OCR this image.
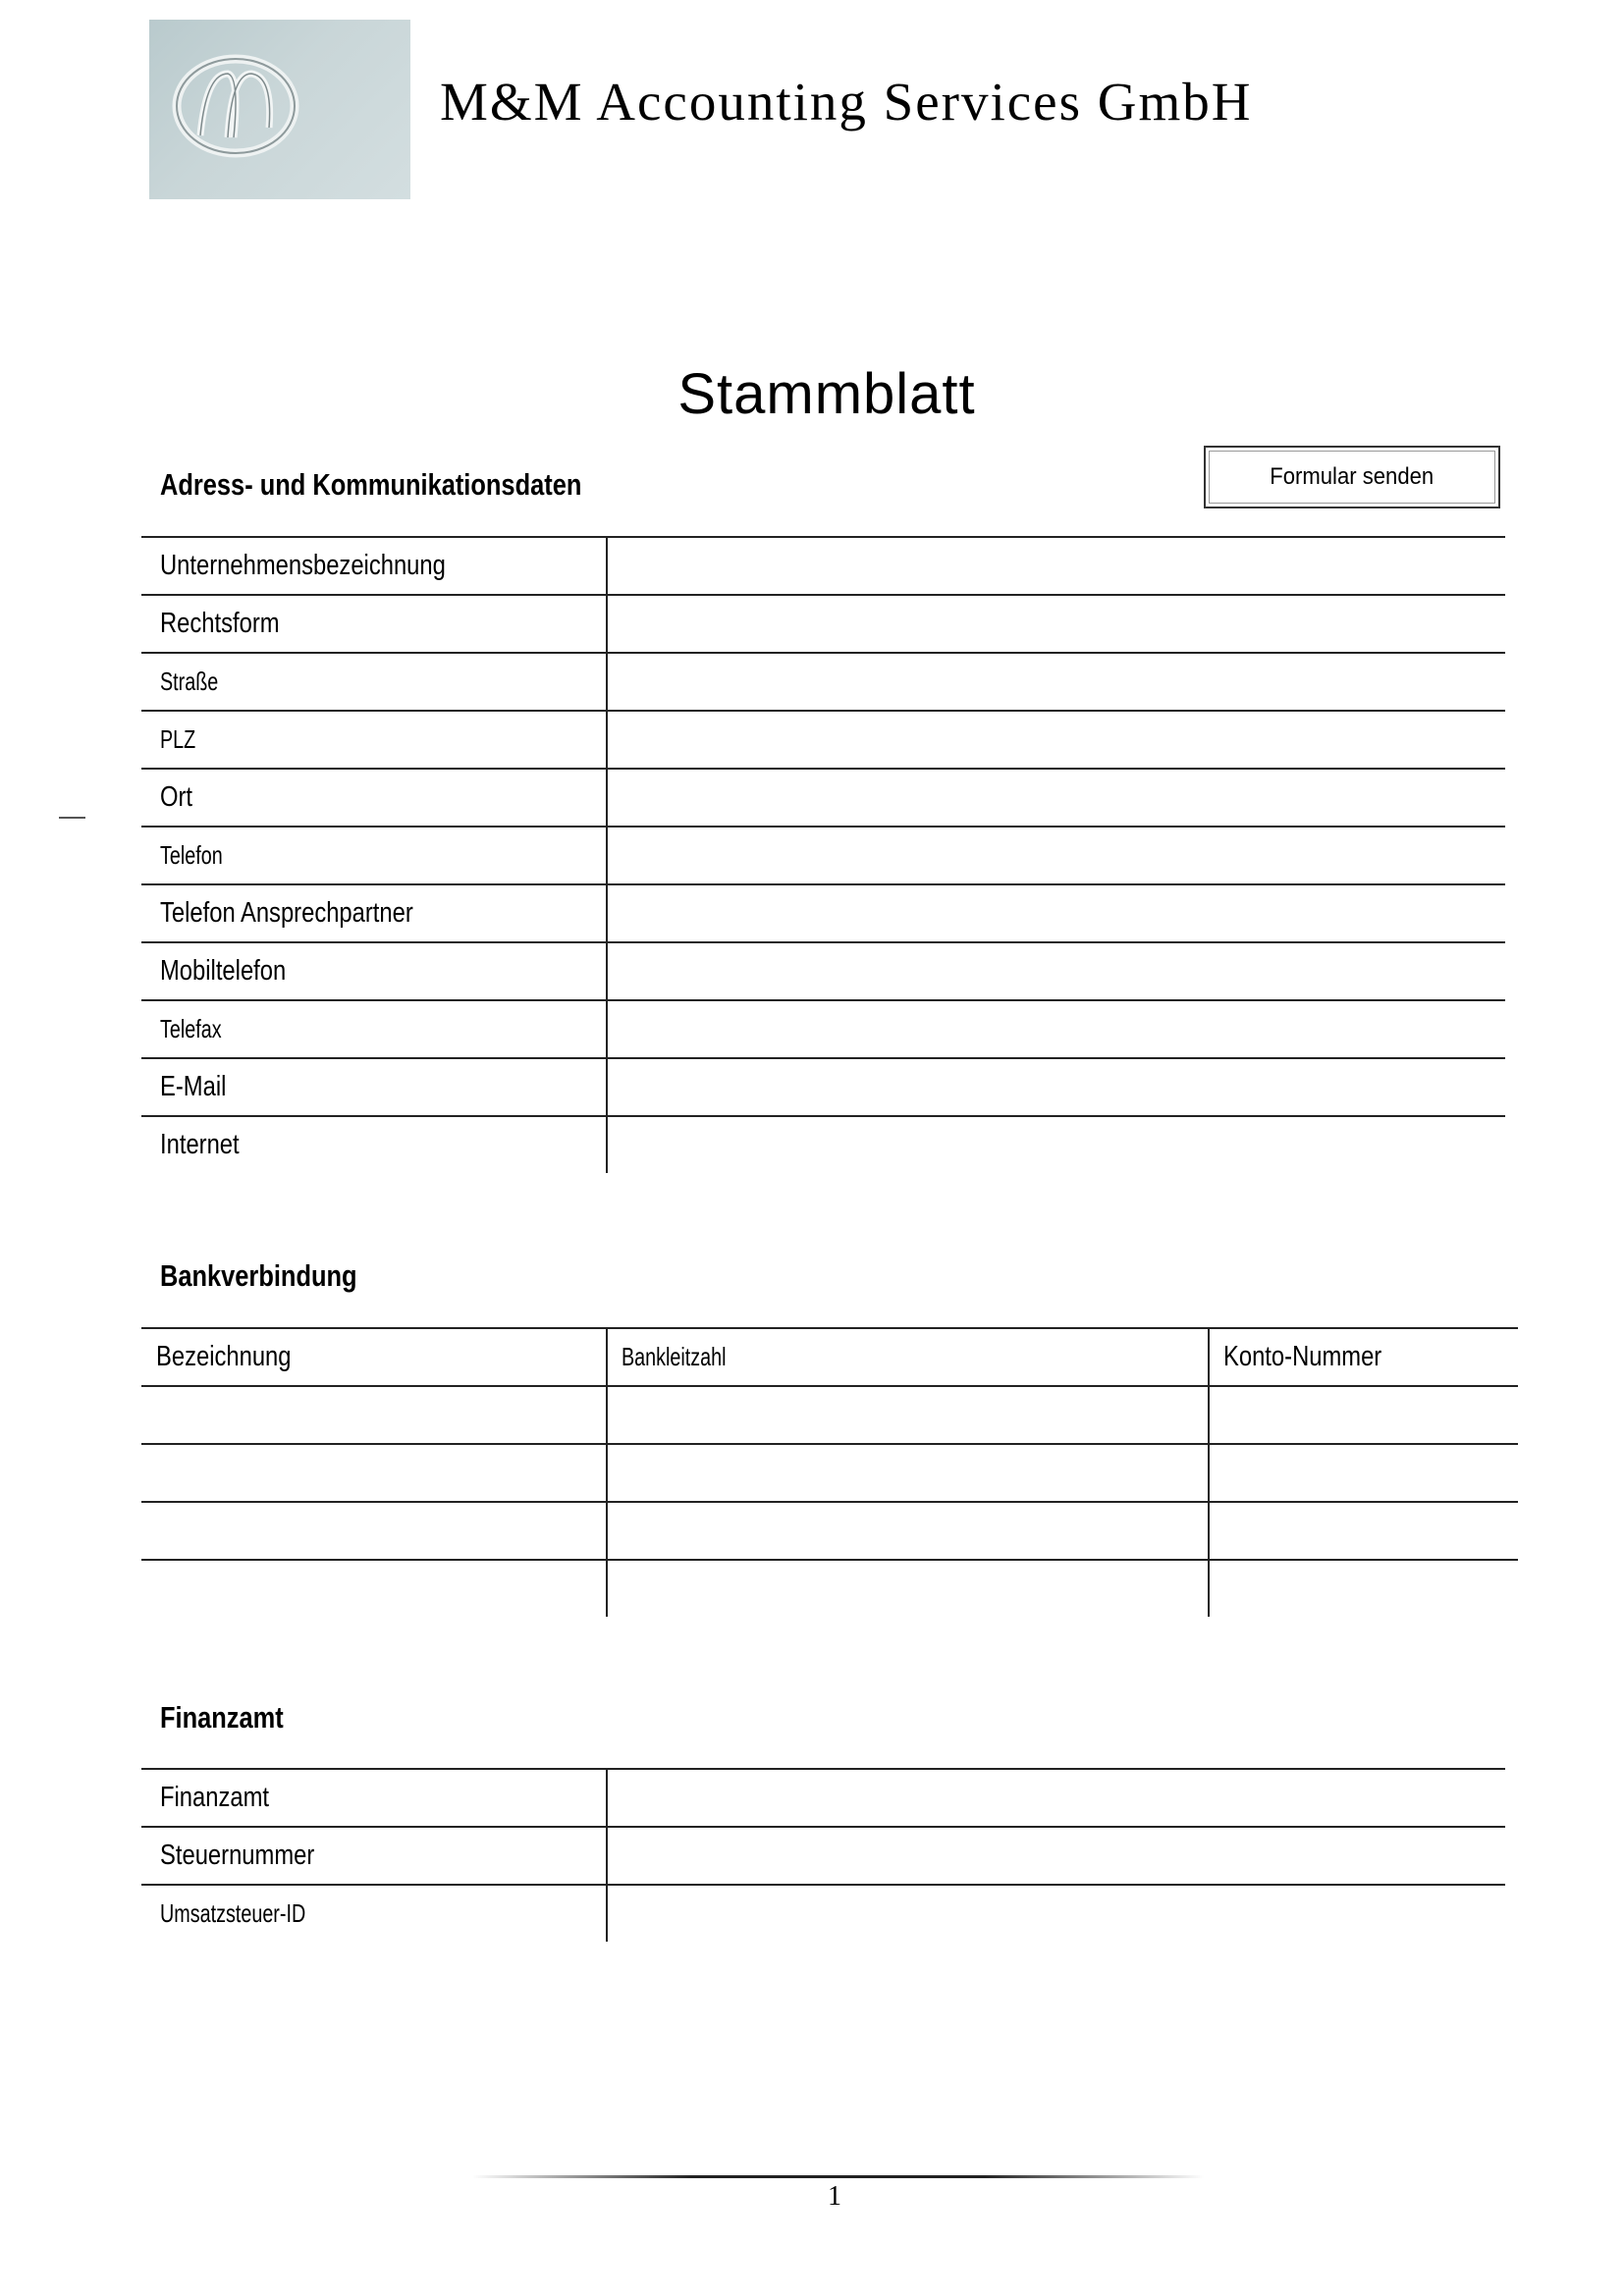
M&M Accounting Services GmbH
Stammblatt
Adress- und Kommunikationsdaten	Formular senden
Unternehmensbezeichnung	
Rechtsform	
Straße	
PLZ	
Ort	
Telefon	
Telefon Ansprechpartner	
Mobiltelefon	
Telefax	
E-Mail	
Internet	
Bankverbindung
Bezeichnung	Bankleitzahl	Konto-Nummer

Finanzamt
Finanzamt	
Steuernummer	
Umsatzsteuer-ID	
1
